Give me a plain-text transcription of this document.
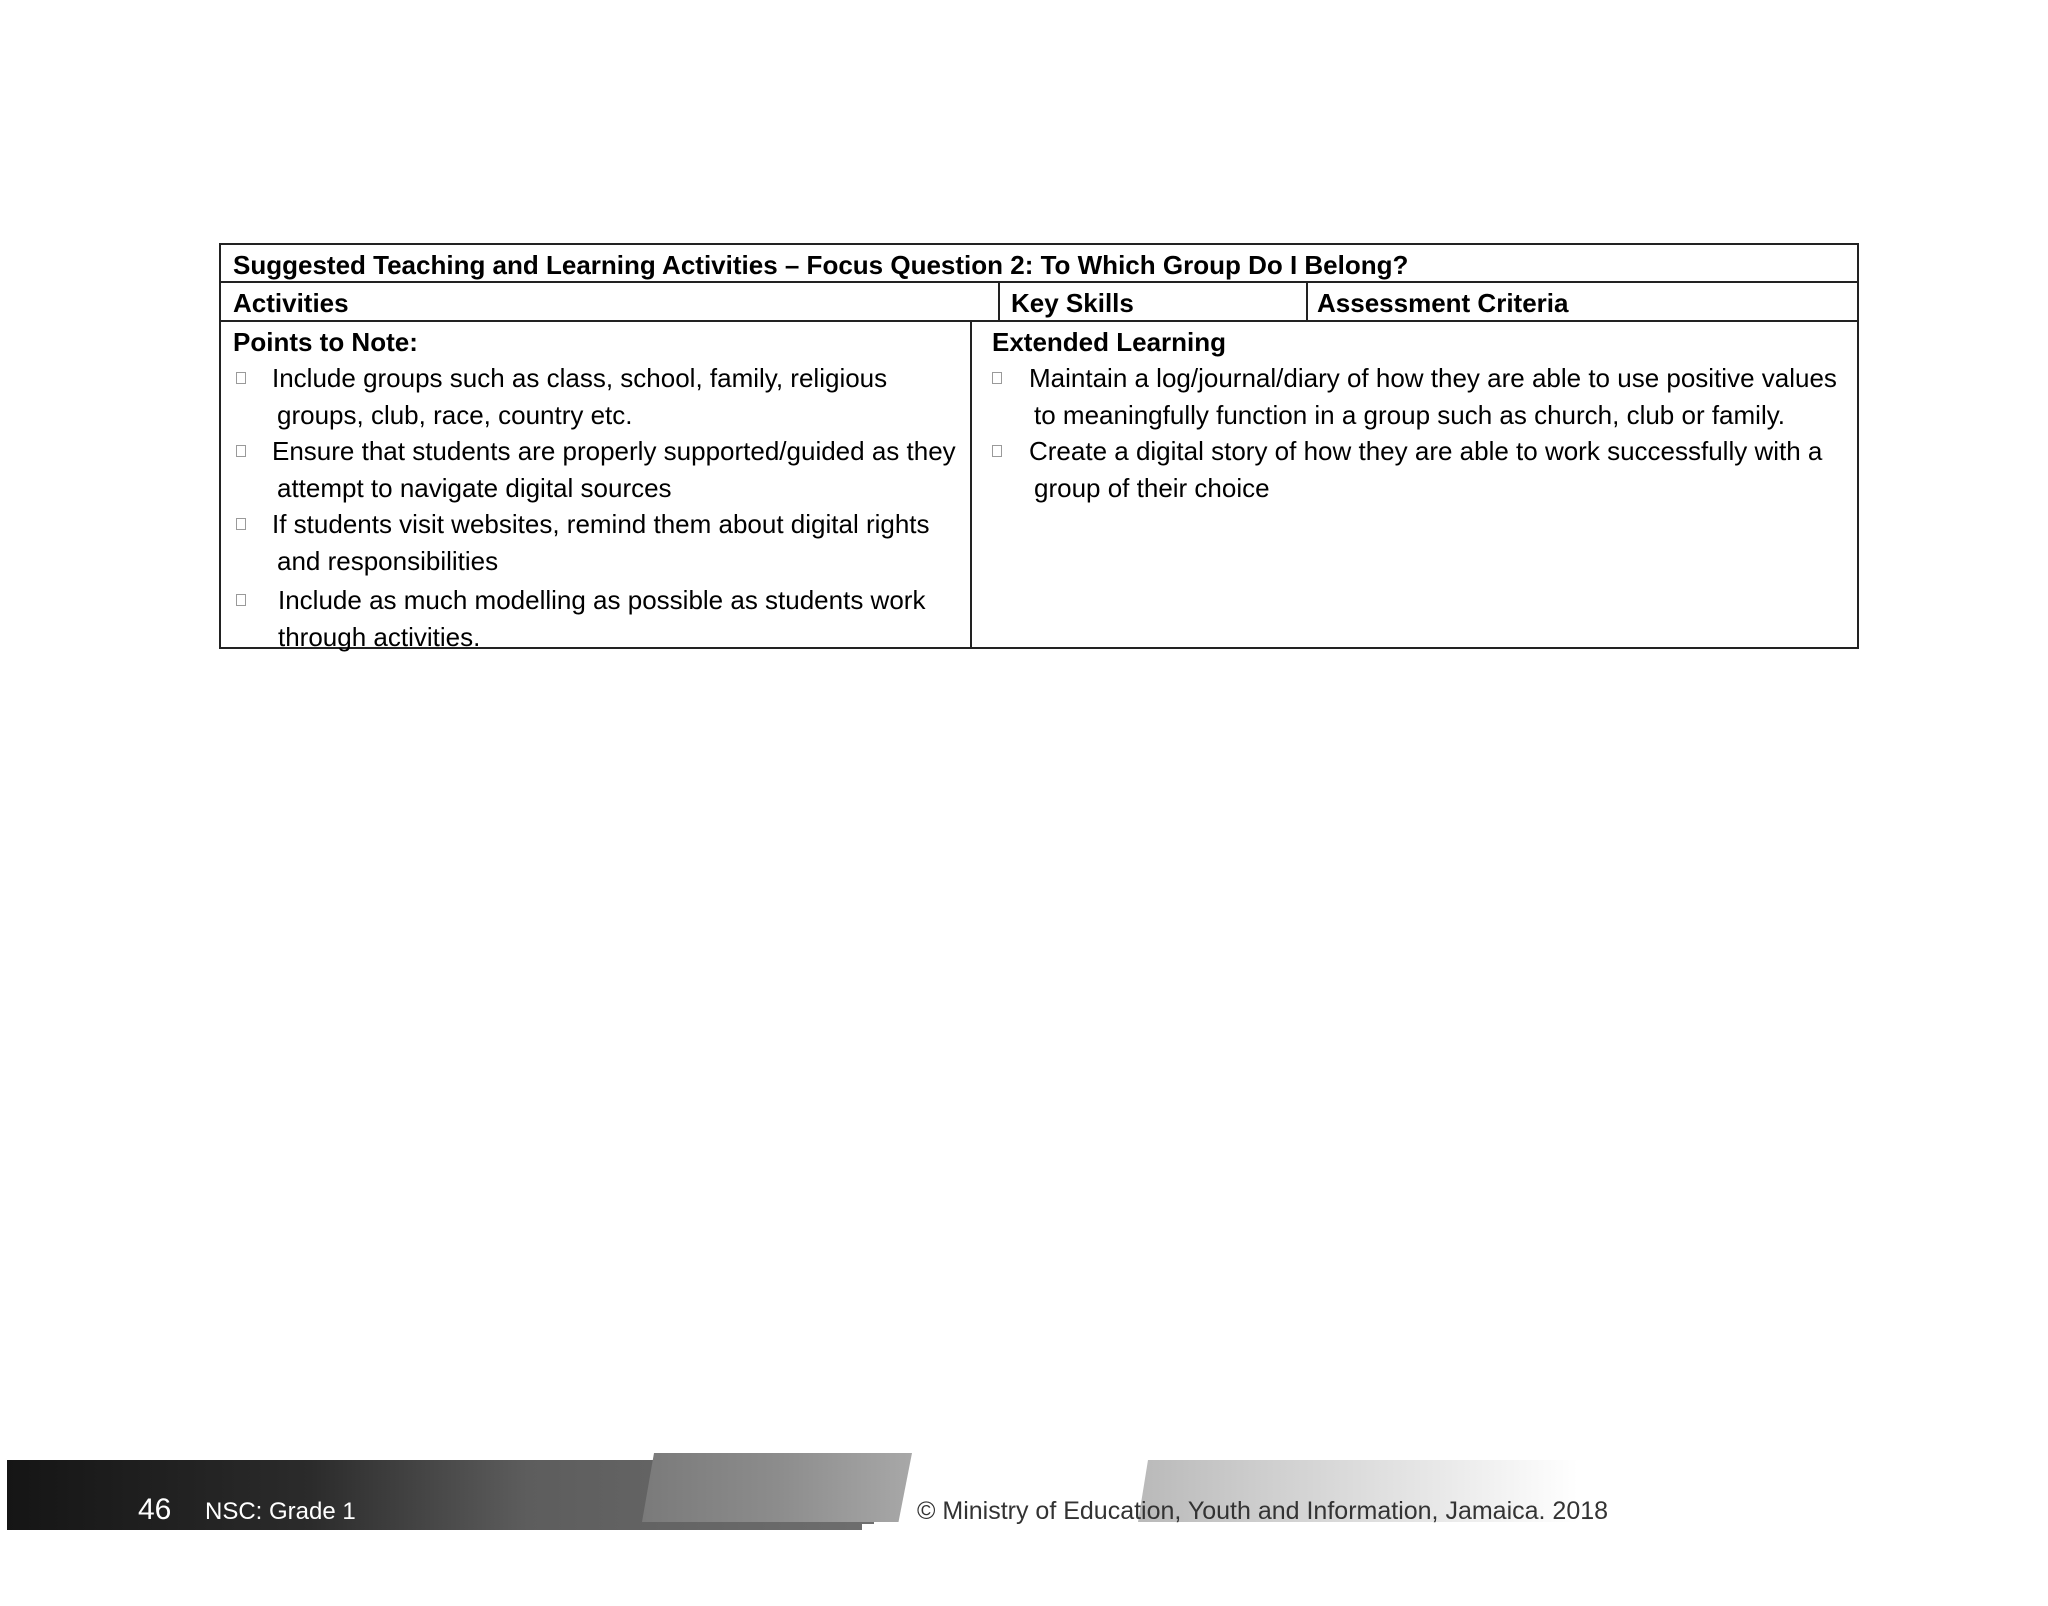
Suggested Teaching and Learning Activities – Focus Question 2: To Which Group Do I Belong?
Activities	Key Skills	Assessment Criteria
Points to Note:
Include groups such as class, school, family, religious groups, club, race, country etc.
Ensure that students are properly supported/guided as they attempt to navigate digital sources
If students visit websites, remind them about digital rights and responsibilities
Include as much modelling as possible as students work through activities.
Extended Learning
Maintain a log/journal/diary of how they are able to use positive values to meaningfully function in a group such as church, club or family.
Create a digital story of how they are able to work successfully with a group of their choice
46 NSC: Grade 1	© Ministry of Education, Youth and Information, Jamaica. 2018
